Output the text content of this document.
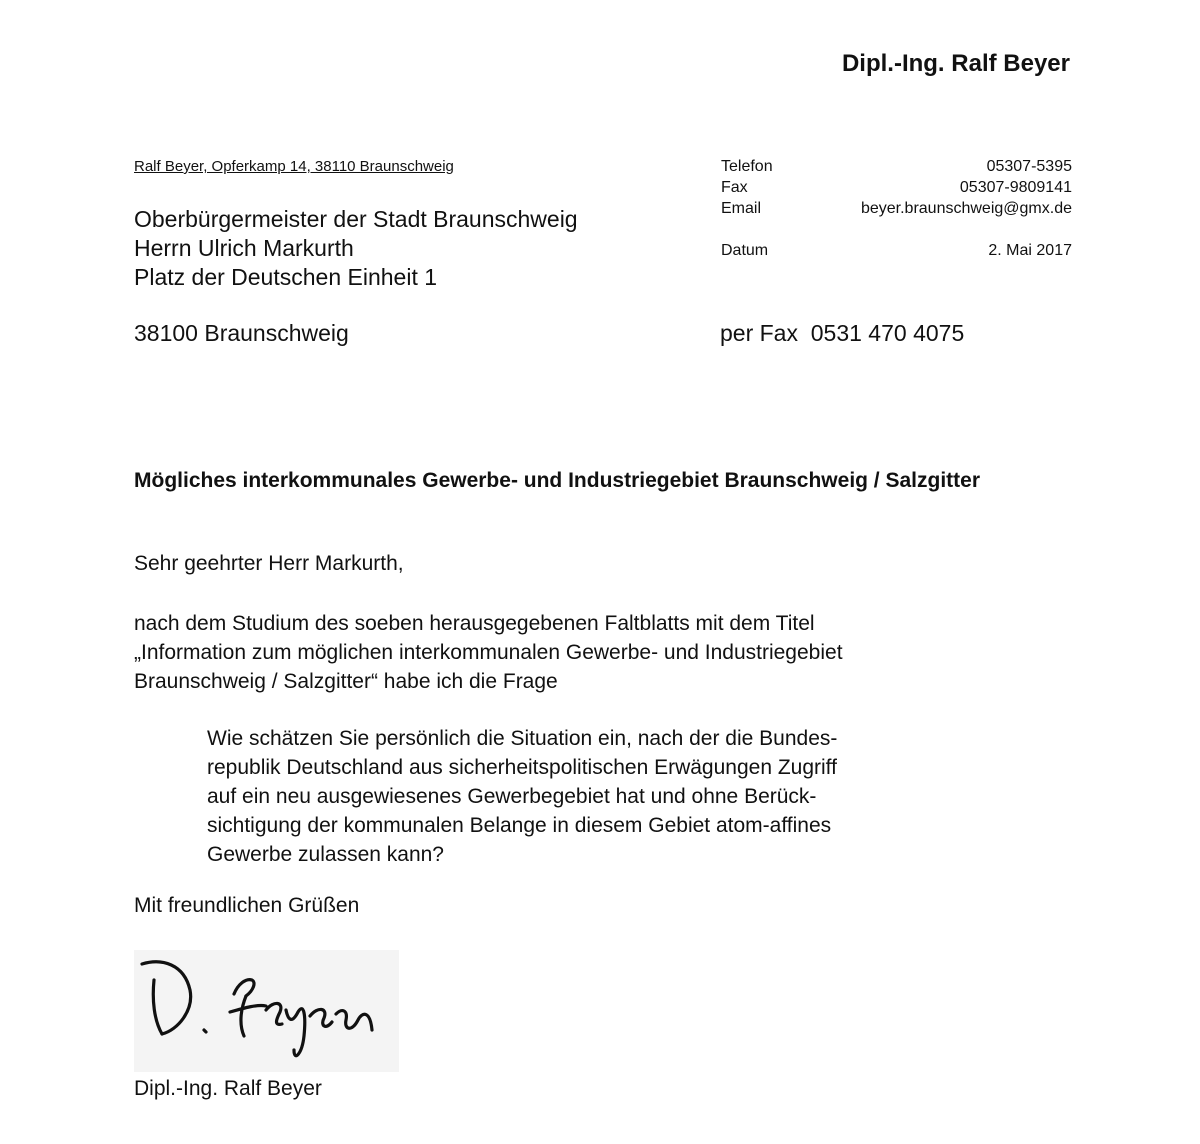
Dipl.-Ing. Ralf Beyer
Ralf Beyer, Opferkamp 14, 38110 Braunschweig
Oberbürgermeister der Stadt Braunschweig
Herrn Ulrich Markurth
Platz der Deutschen Einheit 1
38100 Braunschweig
Telefon	05307-5395
Fax	05307-9809141
Email	beyer.braunschweig@gmx.de
Datum	2. Mai 2017
per Fax  0531 470 4075
Mögliches interkommunales Gewerbe- und Industriegebiet Braunschweig / Salzgitter
Sehr geehrter Herr Markurth,
nach dem Studium des soeben herausgegebenen Faltblatts mit dem Titel
„Information zum möglichen interkommunalen Gewerbe- und Industriegebiet
Braunschweig / Salzgitter“ habe ich die Frage
Wie schätzen Sie persönlich die Situation ein, nach der die Bundes-
republik Deutschland aus sicherheitspolitischen Erwägungen Zugriff
auf ein neu ausgewiesenes Gewerbegebiet hat und ohne Berück-
sichtigung der kommunalen Belange in diesem Gebiet atom-affines
Gewerbe zulassen kann?
Mit freundlichen Grüßen
Dipl.-Ing. Ralf Beyer
